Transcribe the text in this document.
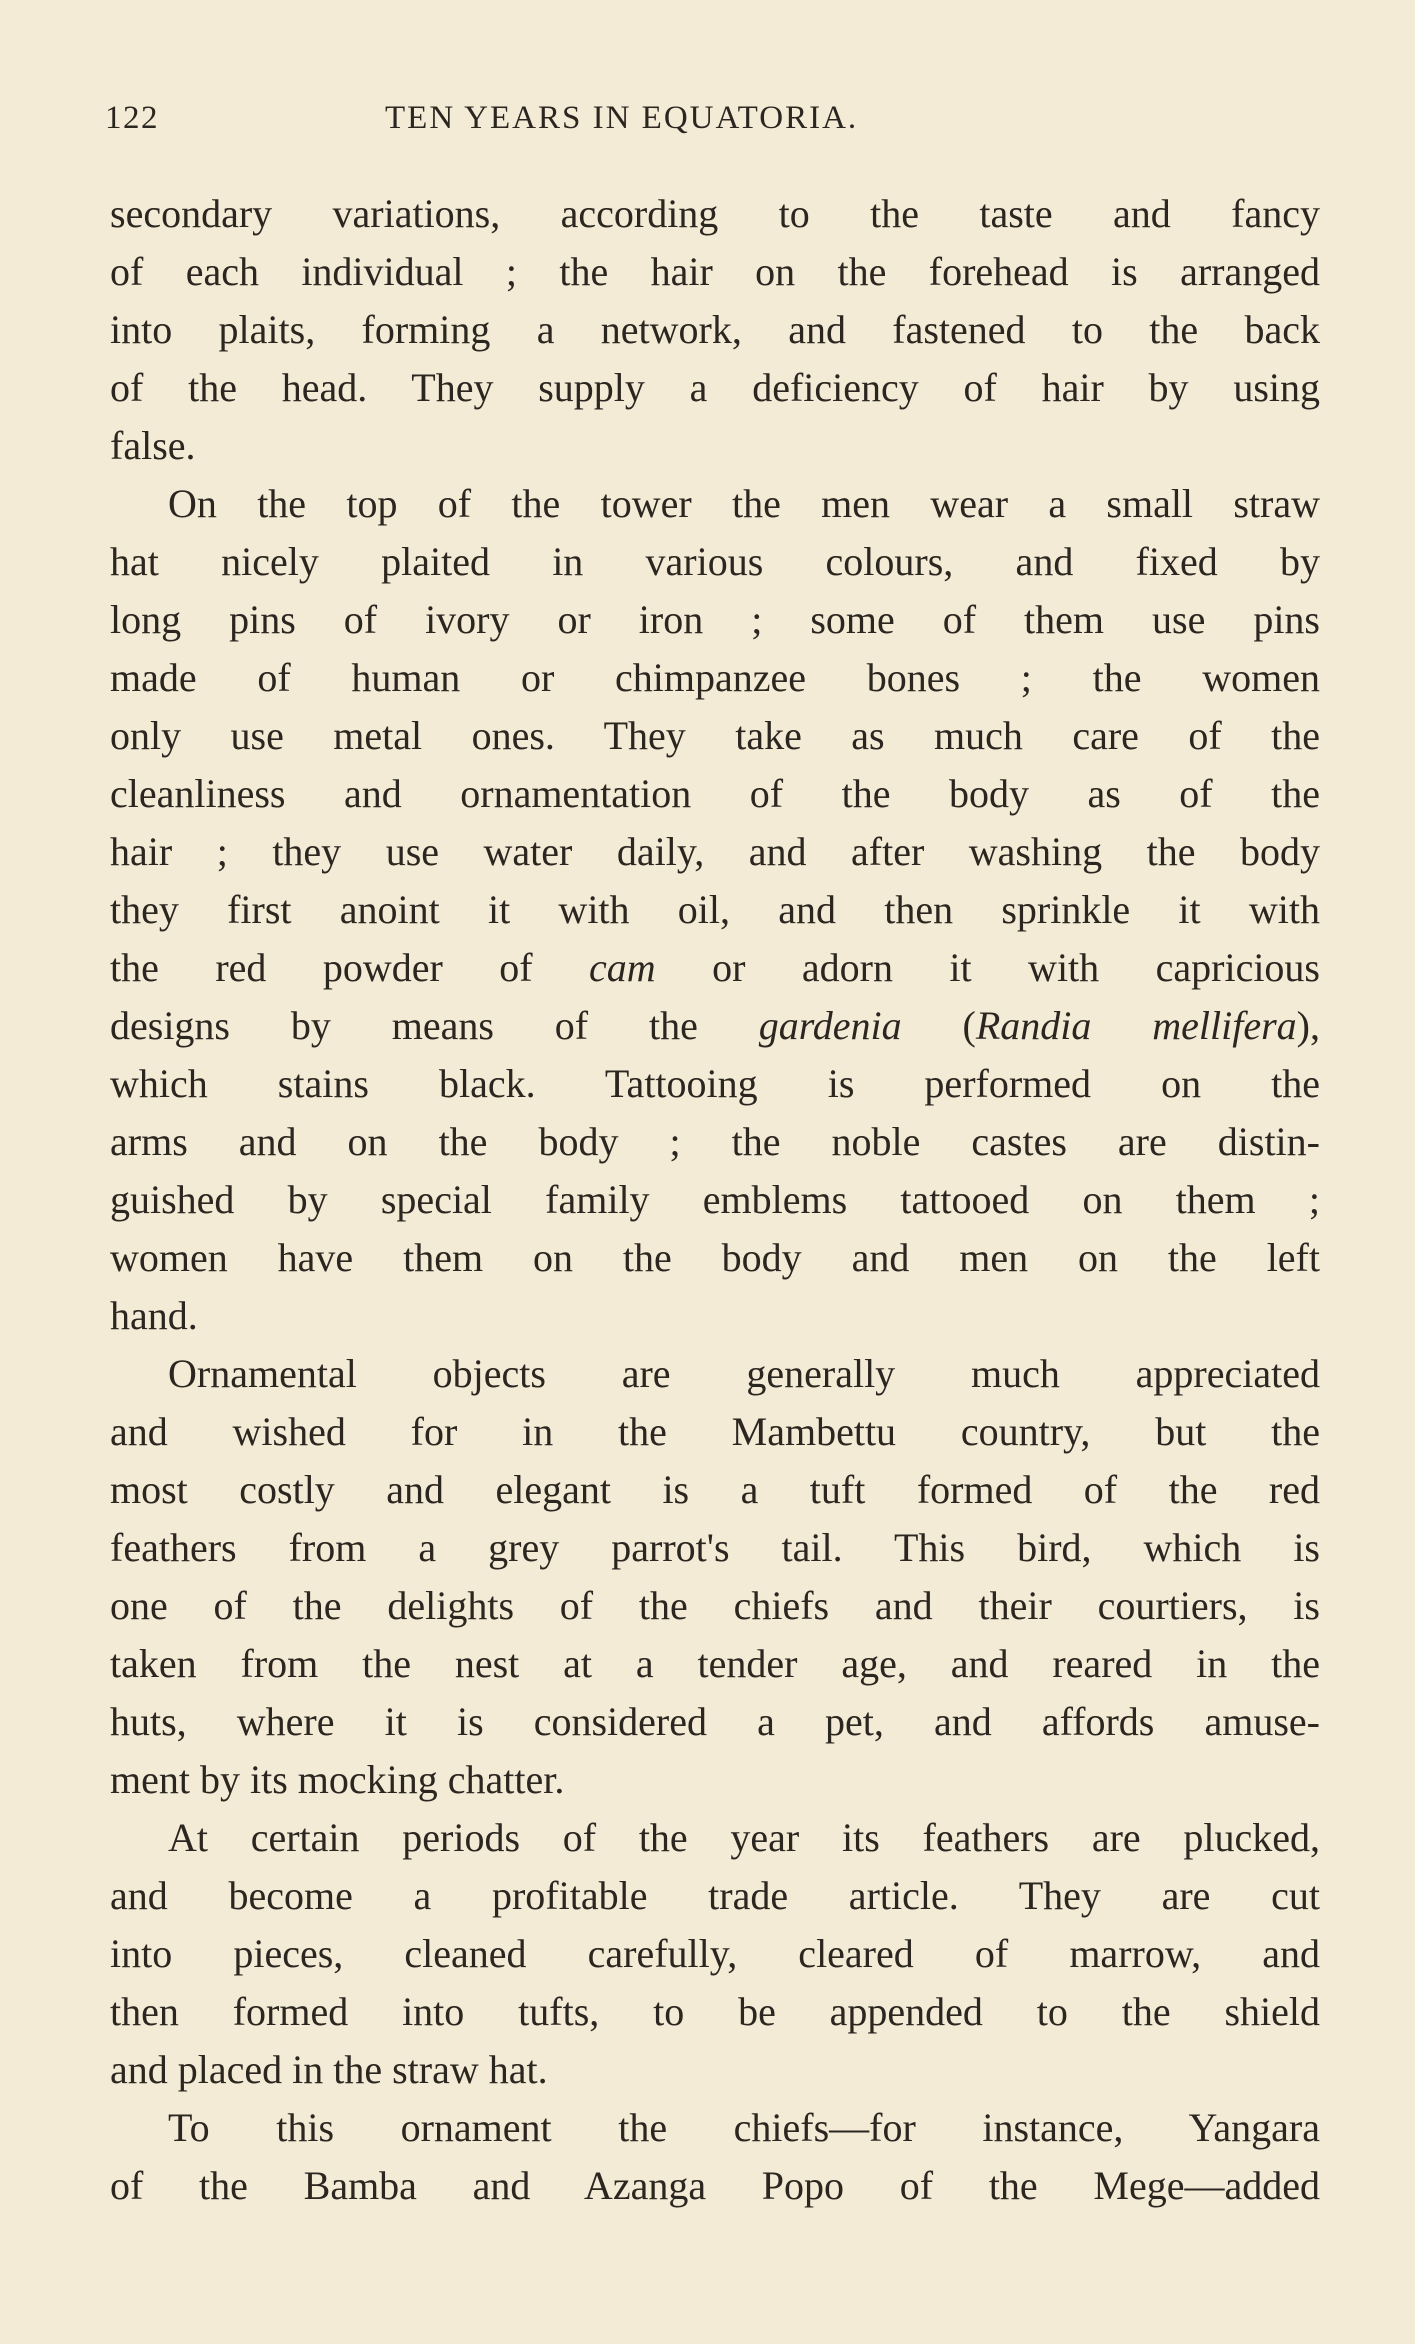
122	TEN YEARS IN EQUATORIA.
secondary variations, according to the taste and fancy
of each individual ; the hair on the forehead is arranged
into plaits, forming a network, and fastened to the back
of the head. They supply a deficiency of hair by using
false.
On the top of the tower the men wear a small straw
hat nicely plaited in various colours, and fixed by
long pins of ivory or iron ; some of them use pins
made of human or chimpanzee bones ; the women
only use metal ones. They take as much care of the
cleanliness and ornamentation of the body as of the
hair ; they use water daily, and after washing the body
they first anoint it with oil, and then sprinkle it with
the red powder of cam or adorn it with capricious
designs by means of the gardenia (Randia mellifera),
which stains black. Tattooing is performed on the
arms and on the body ; the noble castes are distin-
guished by special family emblems tattooed on them ;
women have them on the body and men on the left
hand.
Ornamental objects are generally much appreciated
and wished for in the Mambettu country, but the
most costly and elegant is a tuft formed of the red
feathers from a grey parrot's tail. This bird, which is
one of the delights of the chiefs and their courtiers, is
taken from the nest at a tender age, and reared in the
huts, where it is considered a pet, and affords amuse-
ment by its mocking chatter.
At certain periods of the year its feathers are plucked,
and become a profitable trade article. They are cut
into pieces, cleaned carefully, cleared of marrow, and
then formed into tufts, to be appended to the shield
and placed in the straw hat.
To this ornament the chiefs—for instance, Yangara
of the Bamba and Azanga Popo of the Mege—added
